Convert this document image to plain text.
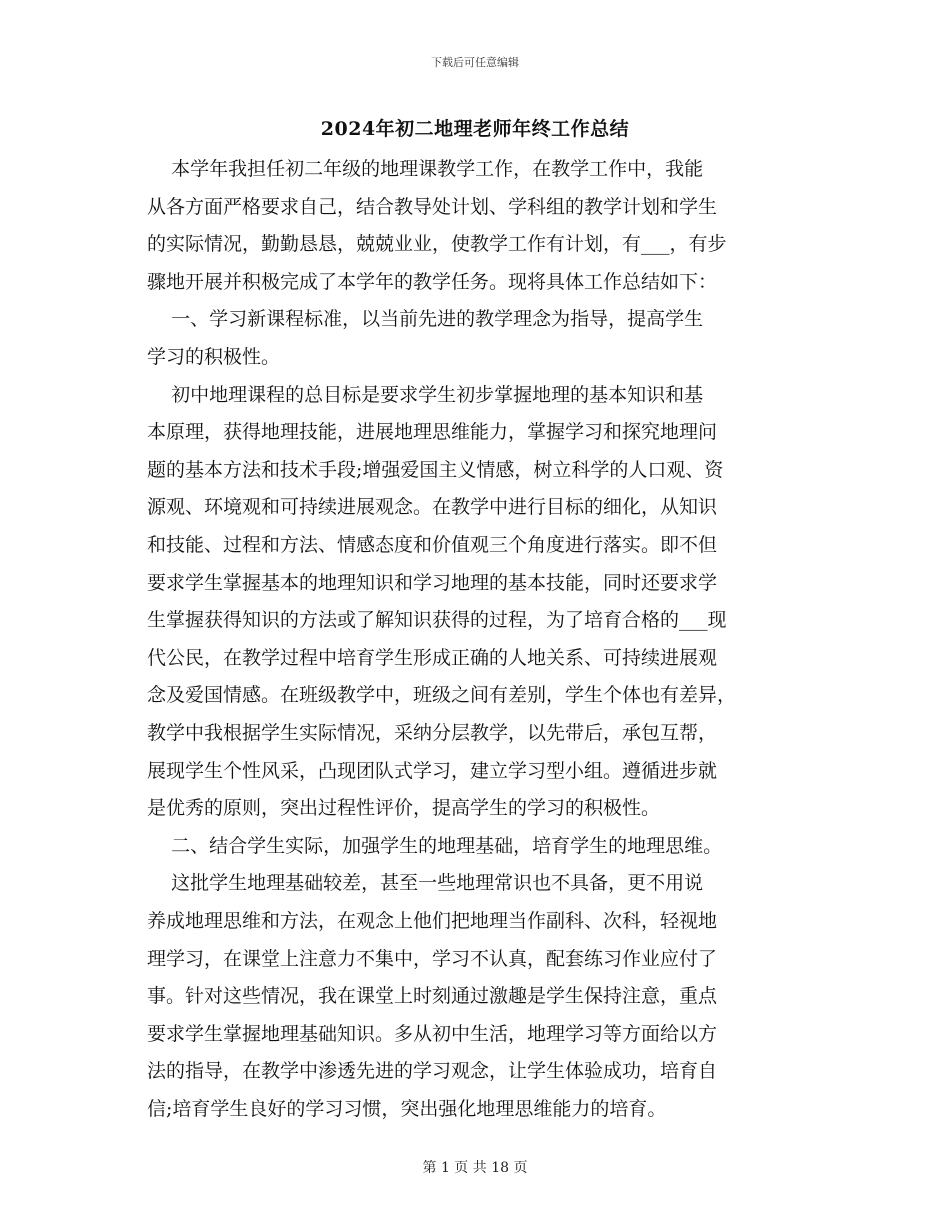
下载后可任意编辑
2024年初二地理老师年终工作总结
本学年我担任初二年级的地理课教学工作，在教学工作中，我能
从各方面严格要求自己，结合教导处计划、学科组的教学计划和学生
的实际情况，勤勤恳恳，兢兢业业，使教学工作有计划，有___，有步
骤地开展并积极完成了本学年的教学任务。现将具体工作总结如下：
一、学习新课程标准，以当前先进的教学理念为指导，提高学生
学习的积极性。
初中地理课程的总目标是要求学生初步掌握地理的基本知识和基
本原理，获得地理技能，进展地理思维能力，掌握学习和探究地理问
题的基本方法和技术手段;增强爱国主义情感，树立科学的人口观、资
源观、环境观和可持续进展观念。在教学中进行目标的细化，从知识
和技能、过程和方法、情感态度和价值观三个角度进行落实。即不但
要求学生掌握基本的地理知识和学习地理的基本技能，同时还要求学
生掌握获得知识的方法或了解知识获得的过程，为了培育合格的___现
代公民，在教学过程中培育学生形成正确的人地关系、可持续进展观
念及爱国情感。在班级教学中，班级之间有差别，学生个体也有差异，
教学中我根据学生实际情况，采纳分层教学，以先带后，承包互帮，
展现学生个性风采，凸现团队式学习，建立学习型小组。遵循进步就
是优秀的原则，突出过程性评价，提高学生的学习的积极性。
二、结合学生实际，加强学生的地理基础，培育学生的地理思维。
这批学生地理基础较差，甚至一些地理常识也不具备，更不用说
养成地理思维和方法，在观念上他们把地理当作副科、次科，轻视地
理学习，在课堂上注意力不集中，学习不认真，配套练习作业应付了
事。针对这些情况，我在课堂上时刻通过激趣是学生保持注意，重点
要求学生掌握地理基础知识。多从初中生活，地理学习等方面给以方
法的指导，在教学中渗透先进的学习观念，让学生体验成功，培育自
信;培育学生良好的学习习惯，突出强化地理思维能力的培育。
第 1 页 共 18 页
